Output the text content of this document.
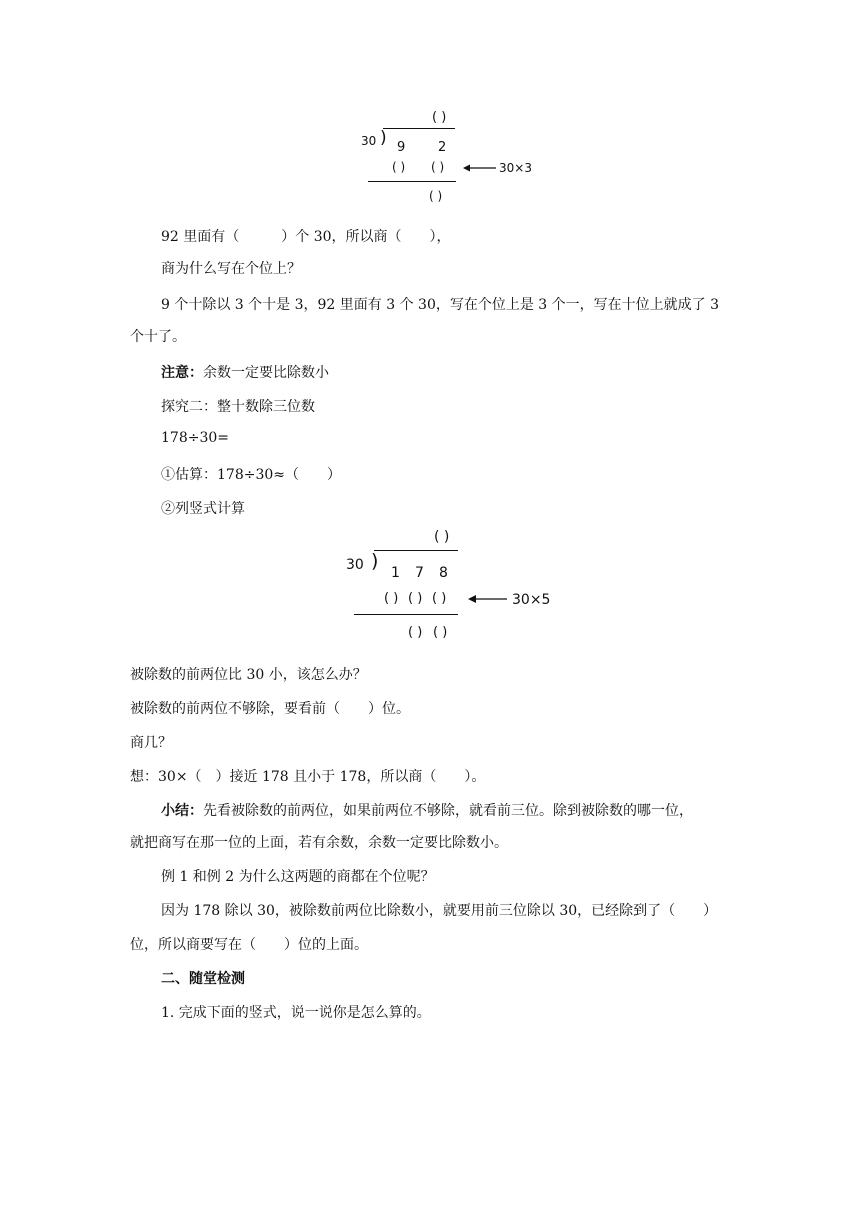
( )
30 ) 9	2
( ) ( )	30×3
( )
92 里面有（　　　）个 30，所以商（　　），
商为什么写在个位上？
9 个十除以 3 个十是 3，92 里面有 3 个 30，写在个位上是 3 个一，写在十位上就成了 3
个十了。
注意：余数一定要比除数小
探究二：整十数除三位数
178÷30=
①估算：178÷30≈（　　）
②列竖式计算
( )
30 )
1 7 8
( ) ( ) ( )	30×5
( ) ( )
被除数的前两位比 30 小，该怎么办？
被除数的前两位不够除，要看前（　　）位。
商几？
想：30×（　）接近 178 且小于 178，所以商（　　）。
小结：先看被除数的前两位，如果前两位不够除，就看前三位。除到被除数的哪一位，
就把商写在那一位的上面，若有余数，余数一定要比除数小。
例 1 和例 2 为什么这两题的商都在个位呢？
因为 178 除以 30，被除数前两位比除数小，就要用前三位除以 30，已经除到了（　　）
位，所以商要写在（　　）位的上面。
二、随堂检测
1. 完成下面的竖式，说一说你是怎么算的。
